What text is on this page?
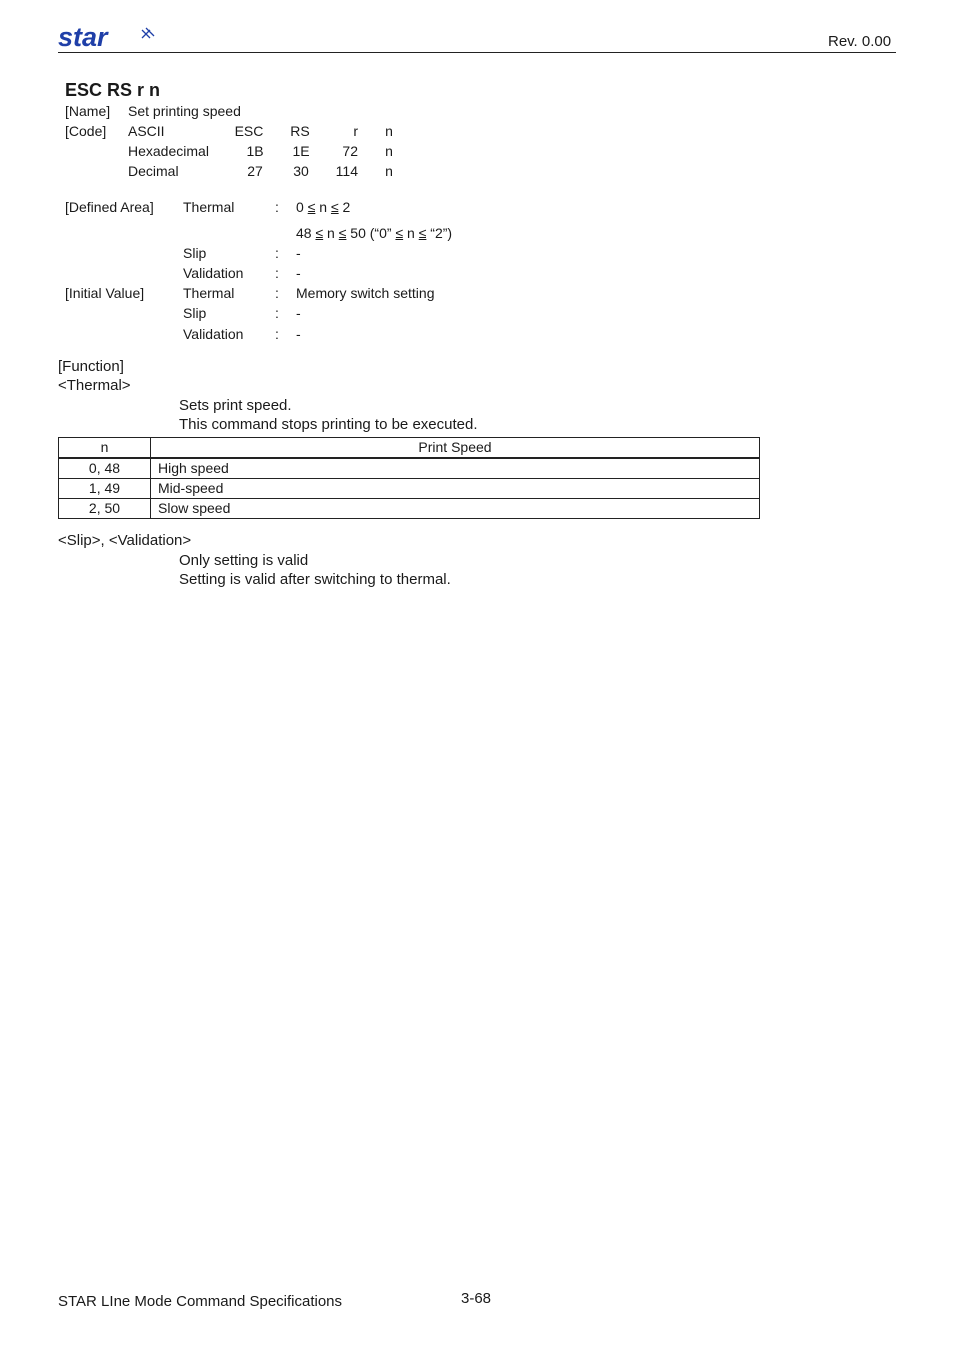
star	Rev. 0.00
ESC RS r n
[Name] Set printing speed
[Code] ASCII	ESC	RS	r	n
Hexadecimal	1B	1E	72	n
Decimal	27	30	114	n
[Defined Area] Thermal	: 0 ≤ n ≤ 2
48 ≤ n ≤ 50 (“0” ≤ n ≤ “2”)
Slip	: -
Validation : -
[Initial Value]	Thermal	: Memory switch setting
Slip	: -
Validation : -
[Function]
<Thermal>
Sets print speed.
This command stops printing to be executed.
n	Print Speed
0, 48	High speed
1, 49	Mid-speed
2, 50	Slow speed
<Slip>, <Validation>
Only setting is valid
Setting is valid after switching to thermal.
STAR LIne Mode Command Specifications	3-68
